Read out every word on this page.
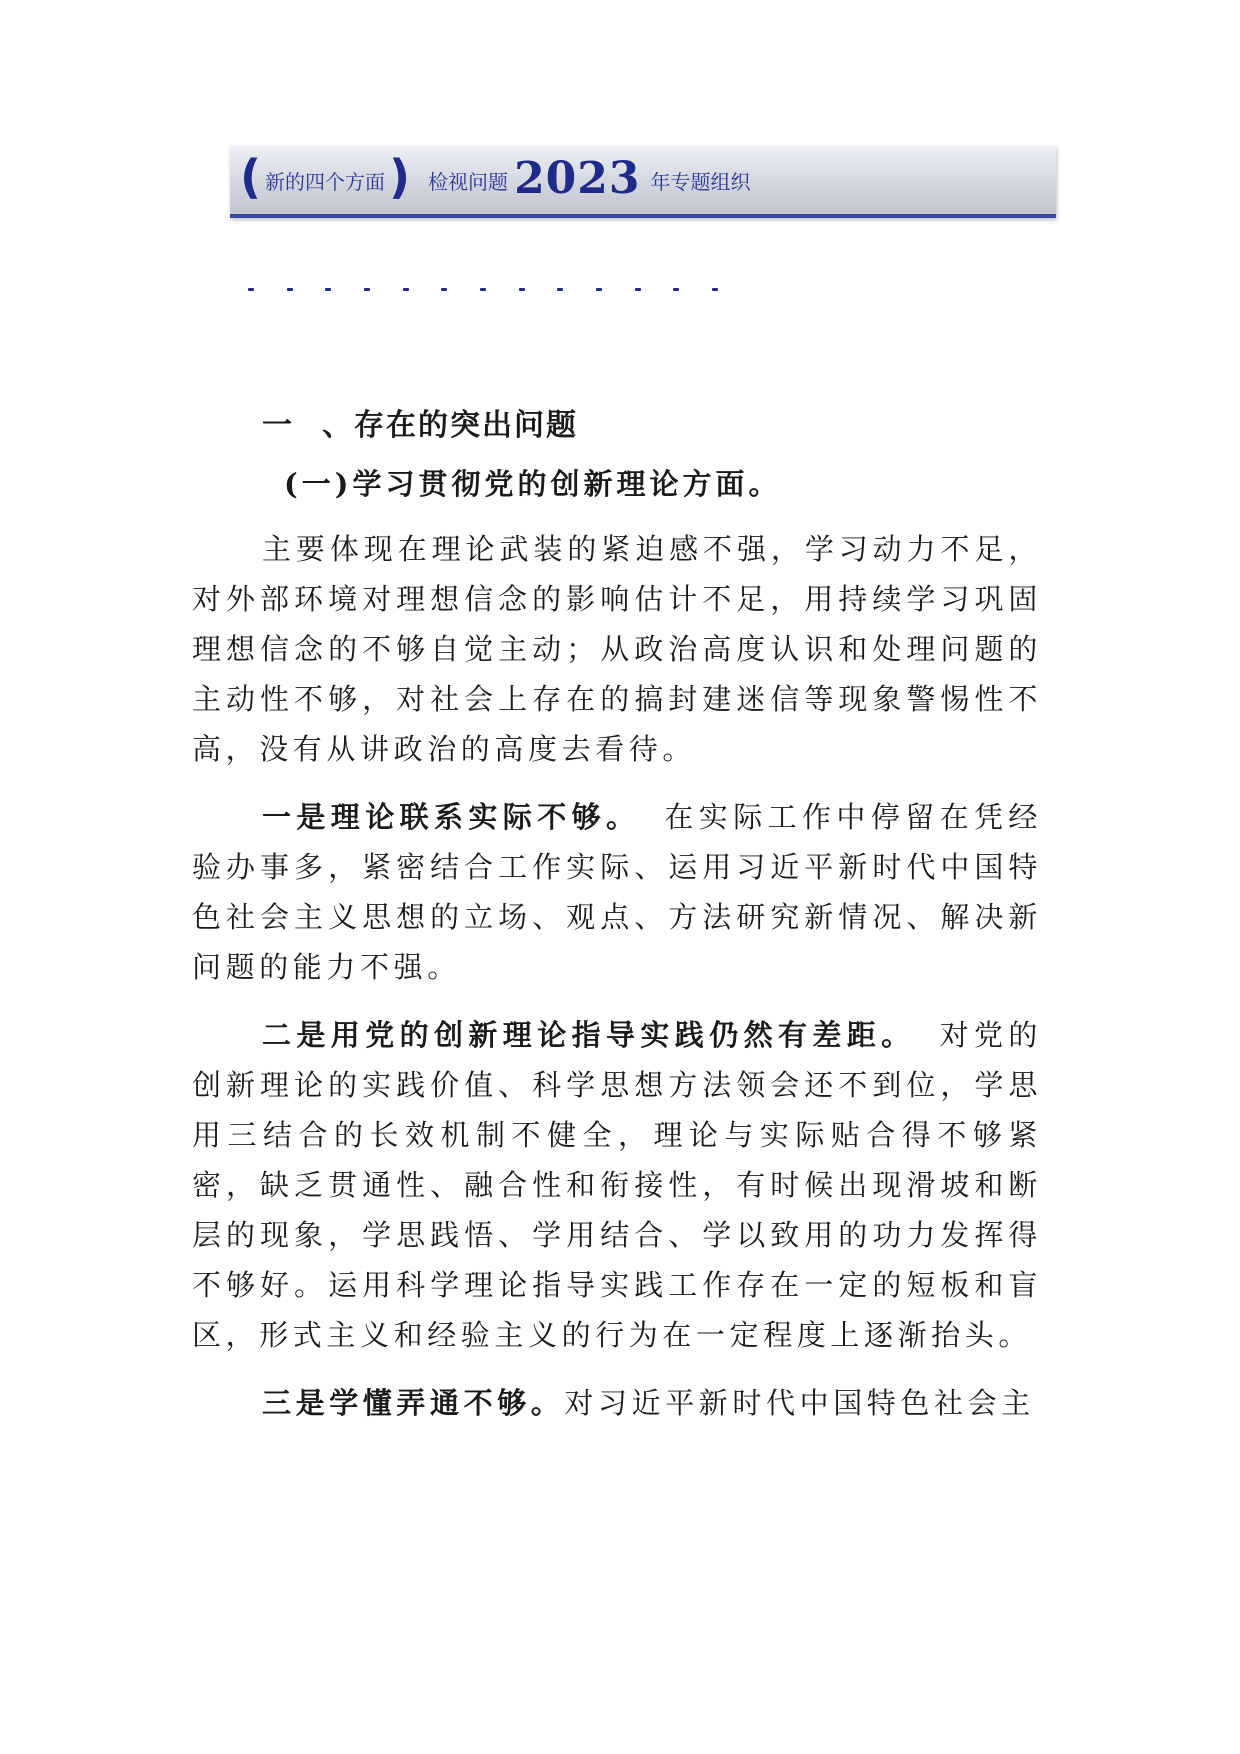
( 新的四个方面 ) 检视问题 2023 年专题组织
一 、存在的突出问题
(一)学习贯彻党的创新理论方面。

主要体现在理论武装的紧迫感不强，学习动力不足，对外部环境对理想信念的影响估计不足，用持续学习巩固理想信念的不够自觉主动；从政治高度认识和处理问题的主动性不够，对社会上存在的搞封建迷信等现象警惕性不高，没有从讲政治的高度去看待。

一是理论联系实际不够。 在实际工作中停留在凭经验办事多，紧密结合工作实际、运用习近平新时代中国特色社会主义思想的立场、观点、方法研究新情况、解决新问题的能力不强。

二是用党的创新理论指导实践仍然有差距。 对党的创新理论的实践价值、科学思想方法领会还不到位，学思用三结合的长效机制不健全，理论与实际贴合得不够紧密，缺乏贯通性、融合性和衔接性，有时候出现滑坡和断层的现象，学思践悟、学用结合、学以致用的功力发挥得不够好。运用科学理论指导实践工作存在一定的短板和盲区，形式主义和经验主义的行为在一定程度上逐渐抬头。

三是学懂弄通不够。对习近平新时代中国特色社会主
